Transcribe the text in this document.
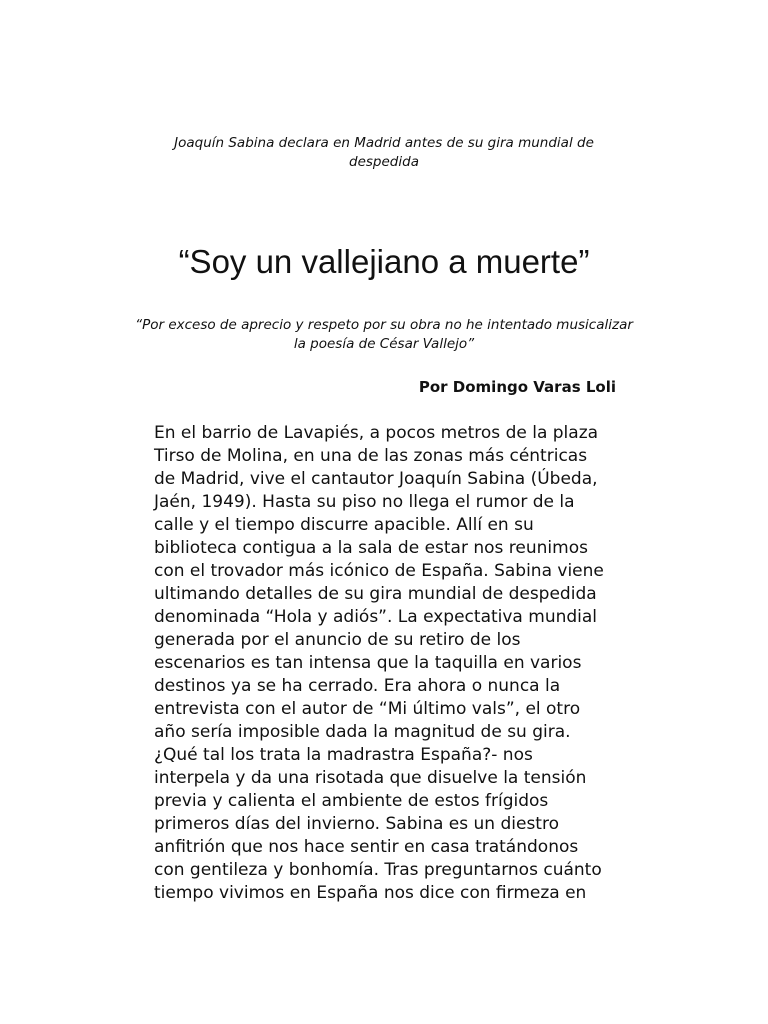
Joaquín Sabina declara en Madrid antes de su gira mundial de despedida
“Soy un vallejiano a muerte”
“Por exceso de aprecio y respeto por su obra no he intentado musicalizar la poesía de César Vallejo”
Por Domingo Varas Loli
En el barrio de Lavapiés, a pocos metros de la plaza
Tirso de Molina, en una de las zonas más céntricas
de Madrid, vive el cantautor Joaquín Sabina (Úbeda,
Jaén, 1949). Hasta su piso no llega el rumor de la
calle y el tiempo discurre apacible. Allí en su
biblioteca contigua a la sala de estar nos reunimos
con el trovador más icónico de España. Sabina viene
ultimando detalles de su gira mundial de despedida
denominada “Hola y adiós”. La expectativa mundial
generada por el anuncio de su retiro de los
escenarios es tan intensa que la taquilla en varios
destinos ya se ha cerrado. Era ahora o nunca la
entrevista con el autor de “Mi último vals”, el otro
año sería imposible dada la magnitud de su gira.
¿Qué tal los trata la madrastra España?- nos
interpela y da una risotada que disuelve la tensión
previa y calienta el ambiente de estos frígidos
primeros días del invierno. Sabina es un diestro
anfitrión que nos hace sentir en casa tratándonos
con gentileza y bonhomía. Tras preguntarnos cuánto
tiempo vivimos en España nos dice con firmeza en
